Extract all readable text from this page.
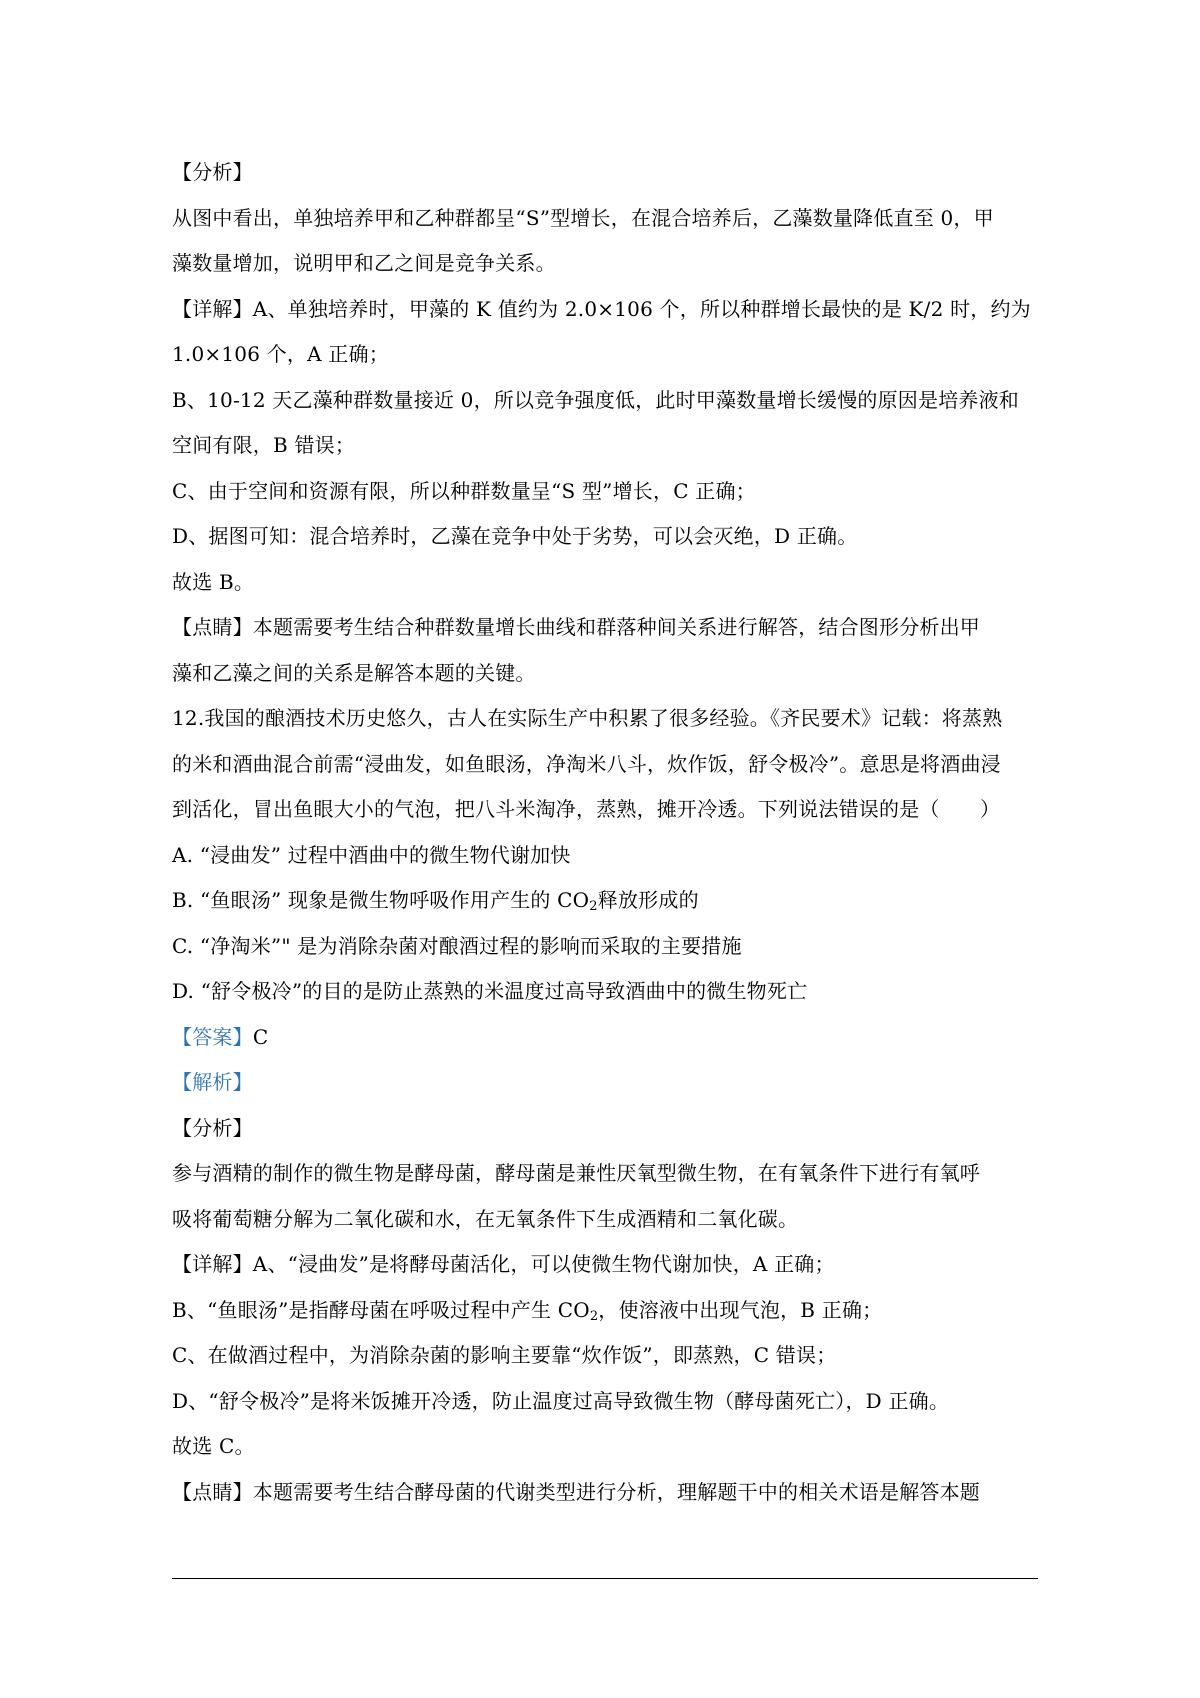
【分析】
从图中看出，单独培养甲和乙种群都呈“S”型增长，在混合培养后，乙藻数量降低直至 0，甲
藻数量增加，说明甲和乙之间是竞争关系。
【详解】A、单独培养时，甲藻的 K 值约为 2.0×106 个，所以种群增长最快的是 K/2 时，约为
1.0×106 个，A 正确；
B、10-12 天乙藻种群数量接近 0，所以竞争强度低，此时甲藻数量增长缓慢的原因是培养液和
空间有限，B 错误；
C、由于空间和资源有限，所以种群数量呈“S 型”增长，C 正确；
D、据图可知：混合培养时，乙藻在竞争中处于劣势，可以会灭绝，D 正确。
故选 B。
【点睛】本题需要考生结合种群数量增长曲线和群落种间关系进行解答，结合图形分析出甲
藻和乙藻之间的关系是解答本题的关键。
12.我国的酿酒技术历史悠久，古人在实际生产中积累了很多经验。《齐民要术》记载：将蒸熟
的米和酒曲混合前需“浸曲发，如鱼眼汤，净淘米八斗，炊作饭，舒令极冷”。意思是将酒曲浸
到活化，冒出鱼眼大小的气泡，把八斗米淘净，蒸熟，摊开冷透。下列说法错误的是（　　）
A. “浸曲发” 过程中酒曲中的微生物代谢加快
B. “鱼眼汤” 现象是微生物呼吸作用产生的 $CO_2$释放形成的
C. “净淘米”" 是为消除杂菌对酿酒过程的影响而采取的主要措施
D. “舒令极冷”的目的是防止蒸熟的米温度过高导致酒曲中的微生物死亡
【答案】C
【解析】
【分析】
参与酒精的制作的微生物是酵母菌，酵母菌是兼性厌氧型微生物，在有氧条件下进行有氧呼
吸将葡萄糖分解为二氧化碳和水，在无氧条件下生成酒精和二氧化碳。
【详解】A、“浸曲发”是将酵母菌活化，可以使微生物代谢加快，A 正确；
B、“鱼眼汤”是指酵母菌在呼吸过程中产生 $CO_2$，使溶液中出现气泡，B 正确；
C、在做酒过程中，为消除杂菌的影响主要靠“炊作饭”，即蒸熟，C 错误；
D、“舒令极冷”是将米饭摊开冷透，防止温度过高导致微生物（酵母菌死亡），D 正确。
故选 C。
【点睛】本题需要考生结合酵母菌的代谢类型进行分析，理解题干中的相关术语是解答本题
